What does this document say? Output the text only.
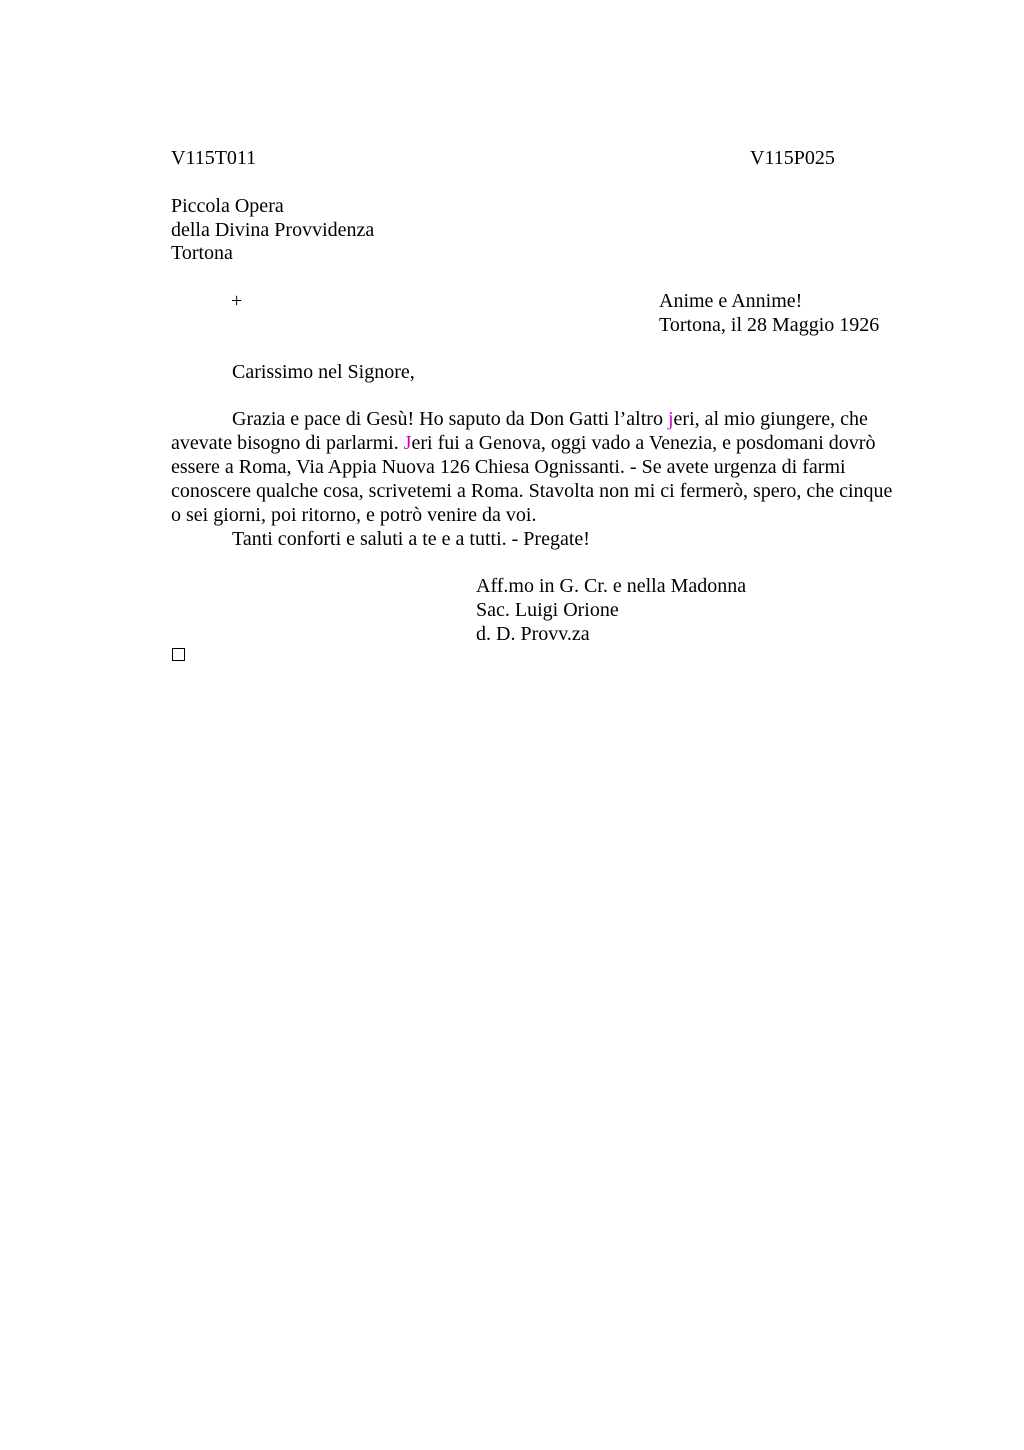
V115T011	V115P025
Piccola Opera
della Divina Provvidenza
Tortona
+	Anime e Annime!
Tortona, il 28 Maggio 1926
Carissimo nel Signore,
Grazia e pace di Gesù! Ho saputo da Don Gatti l’altro jeri, al mio giungere, che
avevate bisogno di parlarmi. Jeri fui a Genova, oggi vado a Venezia, e posdomani dovrò
essere a Roma, Via Appia Nuova 126 Chiesa Ognissanti. - Se avete urgenza di farmi
conoscere qualche cosa, scrivetemi a Roma. Stavolta non mi ci fermerò, spero, che cinque
o sei giorni, poi ritorno, e potrò venire da voi.
Tanti conforti e saluti a te e a tutti. - Pregate!
Aff.mo in G. Cr. e nella Madonna
Sac. Luigi Orione
d. D. Provv.za
